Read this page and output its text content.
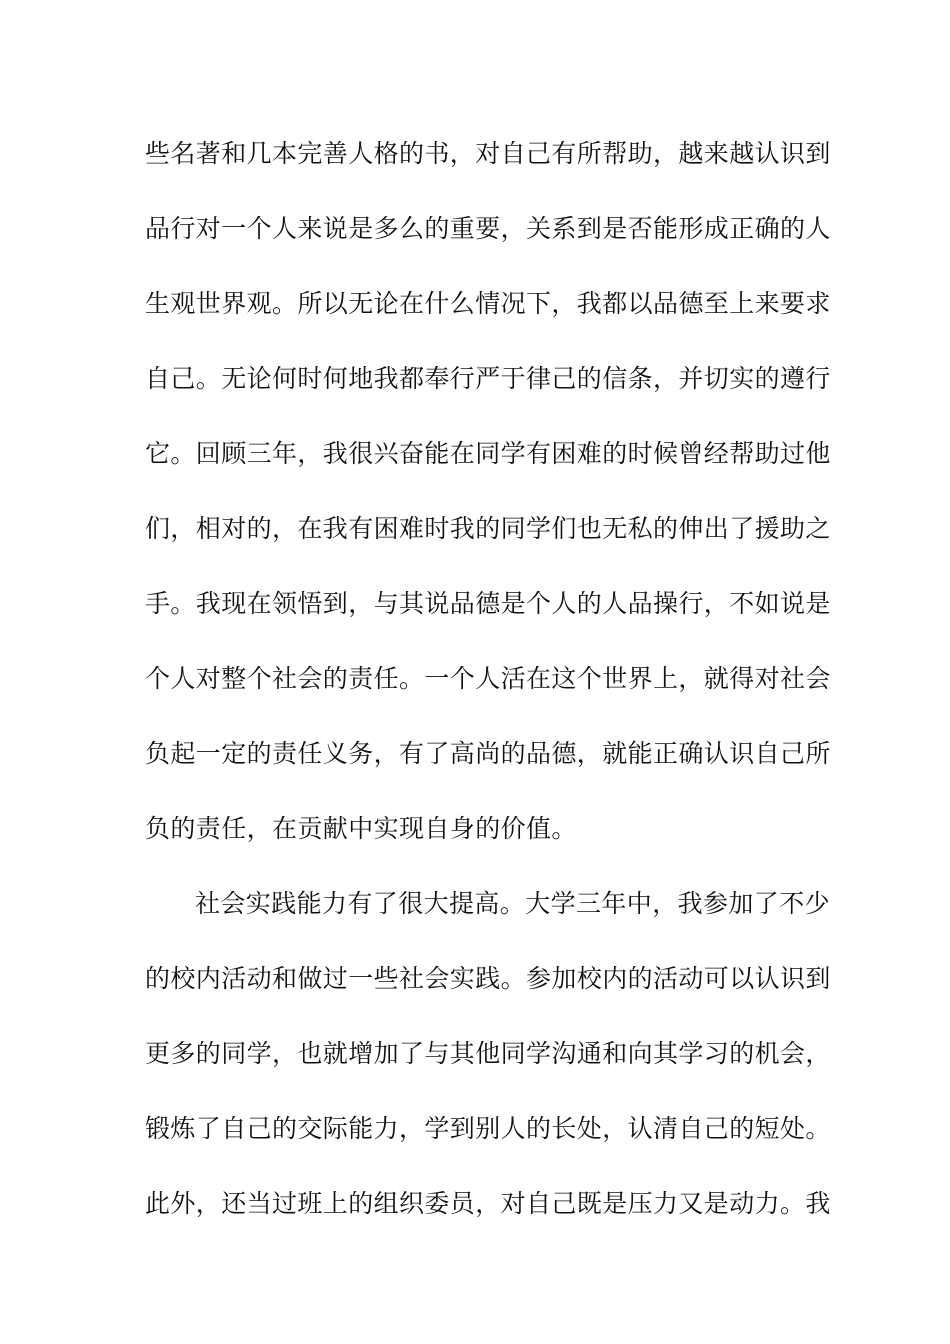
些名著和几本完善人格的书，对自己有所帮助，越来越认识到
品行对一个人来说是多么的重要，关系到是否能形成正确的人
生观世界观。所以无论在什么情况下，我都以品德至上来要求
自己。无论何时何地我都奉行严于律己的信条，并切实的遵行
它。回顾三年，我很兴奋能在同学有困难的时候曾经帮助过他
们，相对的，在我有困难时我的同学们也无私的伸出了援助之
手。我现在领悟到，与其说品德是个人的人品操行，不如说是
个人对整个社会的责任。一个人活在这个世界上，就得对社会
负起一定的责任义务，有了高尚的品德，就能正确认识自己所
负的责任，在贡献中实现自身的价值。
社会实践能力有了很大提高。大学三年中，我参加了不少
的校内活动和做过一些社会实践。参加校内的活动可以认识到
更多的同学，也就增加了与其他同学沟通和向其学习的机会，
锻炼了自己的交际能力，学到别人的长处，认清自己的短处。
此外，还当过班上的组织委员，对自己既是压力又是动力。我
